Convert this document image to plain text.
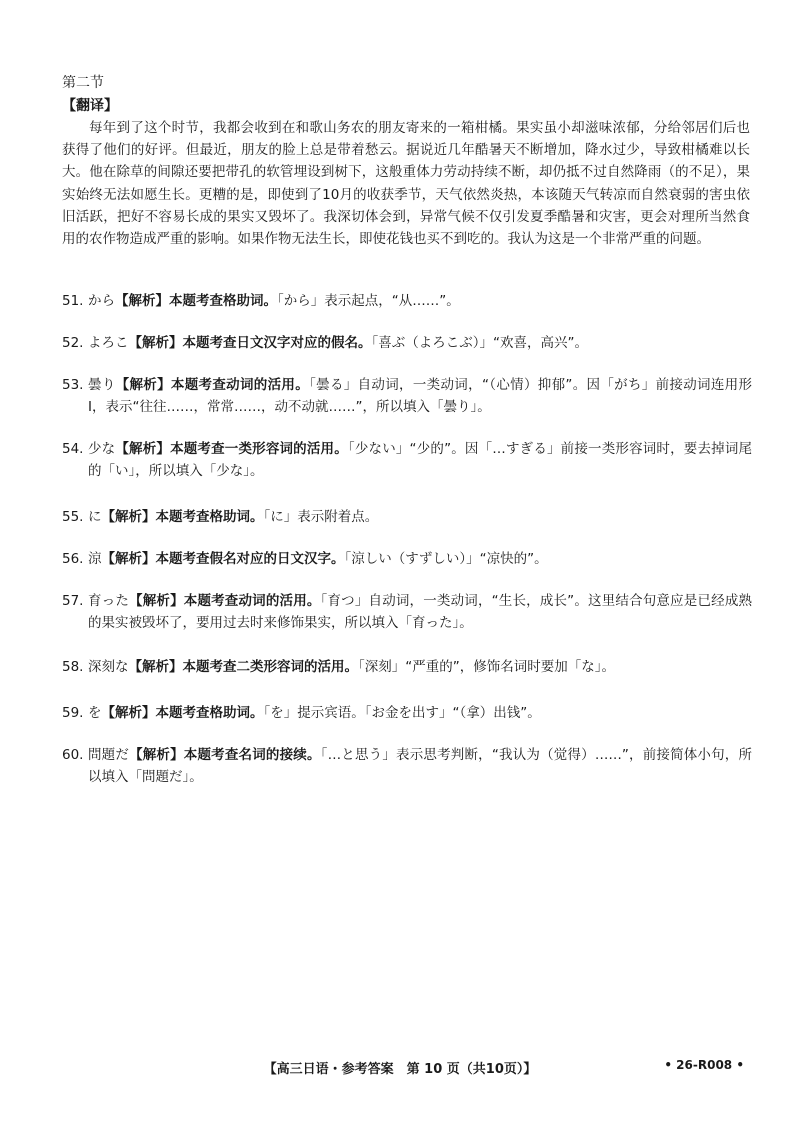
第二节
【翻译】
每年到了这个时节，我都会收到在和歌山务农的朋友寄来的一箱柑橘。果实虽小却滋味浓郁，分给邻居们后也获得了他们的好评。但最近，朋友的脸上总是带着愁云。据说近几年酷暑天不断增加，降水过少，导致柑橘难以长大。他在除草的间隙还要把带孔的软管埋设到树下，这般重体力劳动持续不断，却仍抵不过自然降雨（的不足），果实始终无法如愿生长。更糟的是，即使到了10月的收获季节，天气依然炎热，本该随天气转凉而自然衰弱的害虫依旧活跃，把好不容易长成的果实又毁坏了。我深切体会到，异常气候不仅引发夏季酷暑和灾害，更会对理所当然食用的农作物造成严重的影响。如果作物无法生长，即使花钱也买不到吃的。我认为这是一个非常严重的问题。
51. から【解析】本题考查格助词。「から」表示起点，“从……”。
52. よろこ【解析】本题考查日文汉字对应的假名。「喜ぶ（よろこぶ）」“欢喜，高兴”。
53. 曇り【解析】本题考查动词的活用。「曇る」自动词，一类动词，“（心情）抑郁”。因「がち」前接动词连用形Ⅰ，表示“往往……，常常……，动不动就……”，所以填入「曇り」。
54. 少な【解析】本题考查一类形容词的活用。「少ない」“少的”。因「…すぎる」前接一类形容词时，要去掉词尾的「い」，所以填入「少な」。
55. に【解析】本题考查格助词。「に」表示附着点。
56. 涼【解析】本题考查假名对应的日文汉字。「涼しい（すずしい）」“凉快的”。
57. 育った【解析】本题考查动词的活用。「育つ」自动词，一类动词，“生长，成长”。这里结合句意应是已经成熟的果实被毁坏了，要用过去时来修饰果实，所以填入「育った」。
58. 深刻な【解析】本题考查二类形容词的活用。「深刻」“严重的”，修饰名词时要加「な」。
59. を【解析】本题考查格助词。「を」提示宾语。「お金を出す」“（拿）出钱”。
60. 問題だ【解析】本题考查名词的接续。「…と思う」表示思考判断，“我认为（觉得）……”，前接简体小句，所以填入「問題だ」。
【高三日语・参考答案　第 10 页（共10页）】	• 26-R008 •
